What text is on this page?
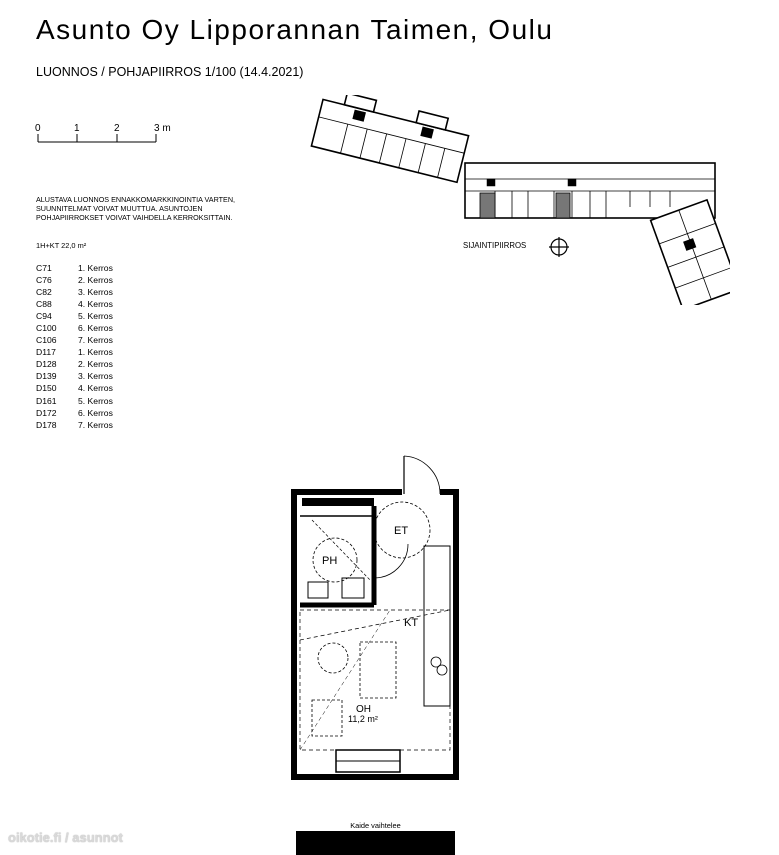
Asunto Oy Lipporannan Taimen, Oulu
LUONNOS / POHJAPIIRROS 1/100 (14.4.2021)
0	1	2	3 m
ALUSTAVA LUONNOS ENNAKKOMARKKINOINTIA VARTEN,
SUUNNITELMAT VOIVAT MUUTTUA. ASUNTOJEN
POHJAPIIRROKSET VOIVAT VAIHDELLA KERROKSITTAIN.
1H+KT 22,0 m²
C71	1. Kerros
C76	2. Kerros
C82	3. Kerros
C88	4. Kerros
C94	5. Kerros
C100	6. Kerros
C106	7. Kerros
D117	1. Kerros
D128	2. Kerros
D139	3. Kerros
D150	4. Kerros
D161	5. Kerros
D172	6. Kerros
D178	7. Kerros
SIJAINTIPIIRROS
ET
PH
KT
OH
11,2 m²
Kaide vaihtelee
oikotie.fi / asunnot
